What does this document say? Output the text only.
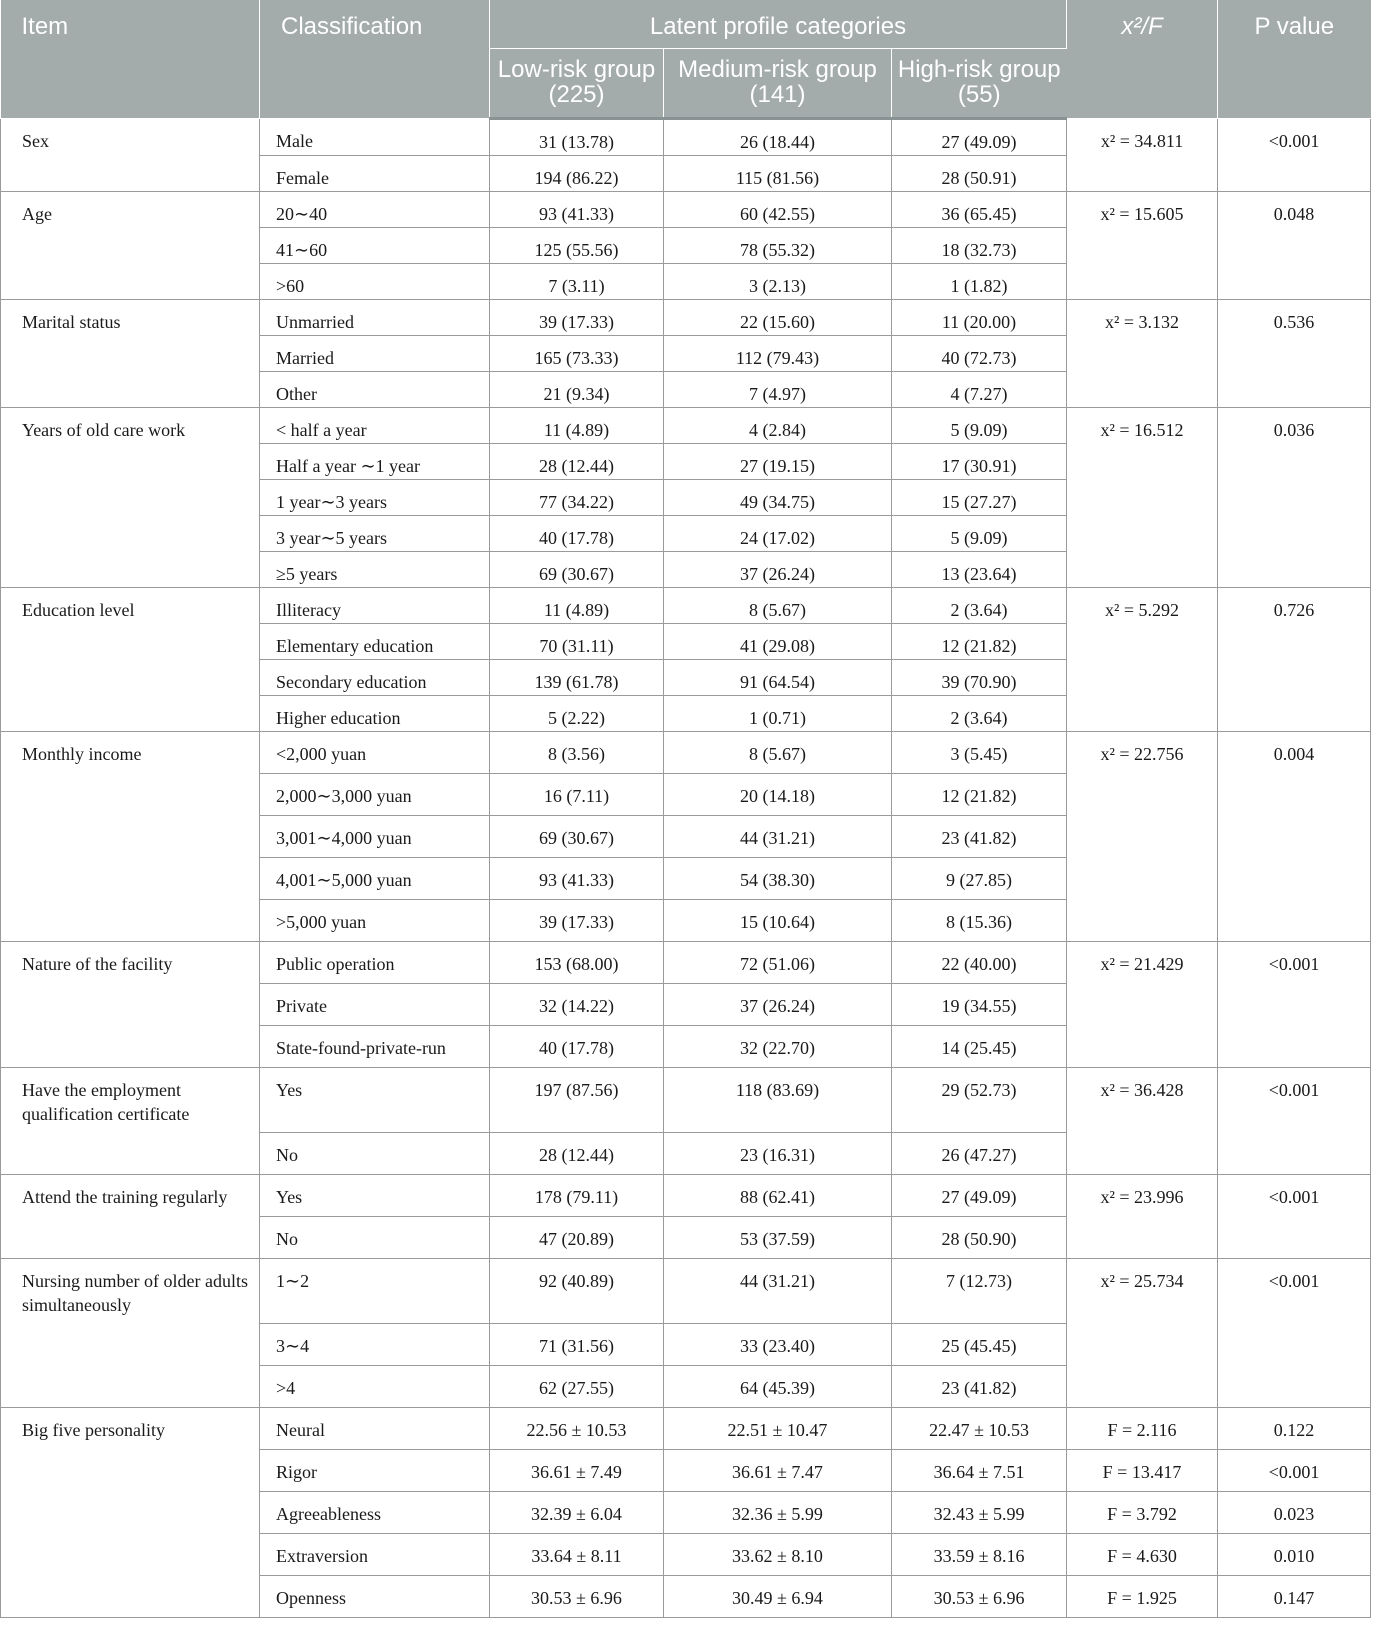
Item	Classification	Latent profile categories			x²/F	P value
		Low-risk group (225)	Medium-risk group (141)	High-risk group (55)		
Sex	Male	31 (13.78)	26 (18.44)	27 (49.09)	x² = 34.811	<0.001
	Female	194 (86.22)	115 (81.56)	28 (50.91)		
Age	20∼40	93 (41.33)	60 (42.55)	36 (65.45)	x² = 15.605	0.048
	41∼60	125 (55.56)	78 (55.32)	18 (32.73)		
	>60	7 (3.11)	3 (2.13)	1 (1.82)		
Marital status	Unmarried	39 (17.33)	22 (15.60)	11 (20.00)	x² = 3.132	0.536
	Married	165 (73.33)	112 (79.43)	40 (72.73)		
	Other	21 (9.34)	7 (4.97)	4 (7.27)		
Years of old care work	< half a year	11 (4.89)	4 (2.84)	5 (9.09)	x² = 16.512	0.036
	Half a year ∼1 year	28 (12.44)	27 (19.15)	17 (30.91)		
	1 year∼3 years	77 (34.22)	49 (34.75)	15 (27.27)		
	3 year∼5 years	40 (17.78)	24 (17.02)	5 (9.09)		
	≥5 years	69 (30.67)	37 (26.24)	13 (23.64)		
Education level	Illiteracy	11 (4.89)	8 (5.67)	2 (3.64)	x² = 5.292	0.726
	Elementary education	70 (31.11)	41 (29.08)	12 (21.82)		
	Secondary education	139 (61.78)	91 (64.54)	39 (70.90)		
	Higher education	5 (2.22)	1 (0.71)	2 (3.64)		
Monthly income	<2,000 yuan	8 (3.56)	8 (5.67)	3 (5.45)	x² = 22.756	0.004
	2,000∼3,000 yuan	16 (7.11)	20 (14.18)	12 (21.82)		
	3,001∼4,000 yuan	69 (30.67)	44 (31.21)	23 (41.82)		
	4,001∼5,000 yuan	93 (41.33)	54 (38.30)	9 (27.85)		
	>5,000 yuan	39 (17.33)	15 (10.64)	8 (15.36)		
Nature of the facility	Public operation	153 (68.00)	72 (51.06)	22 (40.00)	x² = 21.429	<0.001
	Private	32 (14.22)	37 (26.24)	19 (34.55)		
	State-found-private-run	40 (17.78)	32 (22.70)	14 (25.45)		
Have the employment qualification certificate	Yes	197 (87.56)	118 (83.69)	29 (52.73)	x² = 36.428	<0.001
	No	28 (12.44)	23 (16.31)	26 (47.27)		
Attend the training regularly	Yes	178 (79.11)	88 (62.41)	27 (49.09)	x² = 23.996	<0.001
	No	47 (20.89)	53 (37.59)	28 (50.90)		
Nursing number of older adults simultaneously	1∼2	92 (40.89)	44 (31.21)	7 (12.73)	x² = 25.734	<0.001
	3∼4	71 (31.56)	33 (23.40)	25 (45.45)		
	>4	62 (27.55)	64 (45.39)	23 (41.82)		
Big five personality	Neural	22.56 ± 10.53	22.51 ± 10.47	22.47 ± 10.53	F = 2.116	0.122
	Rigor	36.61 ± 7.49	36.61 ± 7.47	36.64 ± 7.51	F = 13.417	<0.001
	Agreeableness	32.39 ± 6.04	32.36 ± 5.99	32.43 ± 5.99	F = 3.792	0.023
	Extraversion	33.64 ± 8.11	33.62 ± 8.10	33.59 ± 8.16	F = 4.630	0.010
	Openness	30.53 ± 6.96	30.49 ± 6.94	30.53 ± 6.96	F = 1.925	0.147
